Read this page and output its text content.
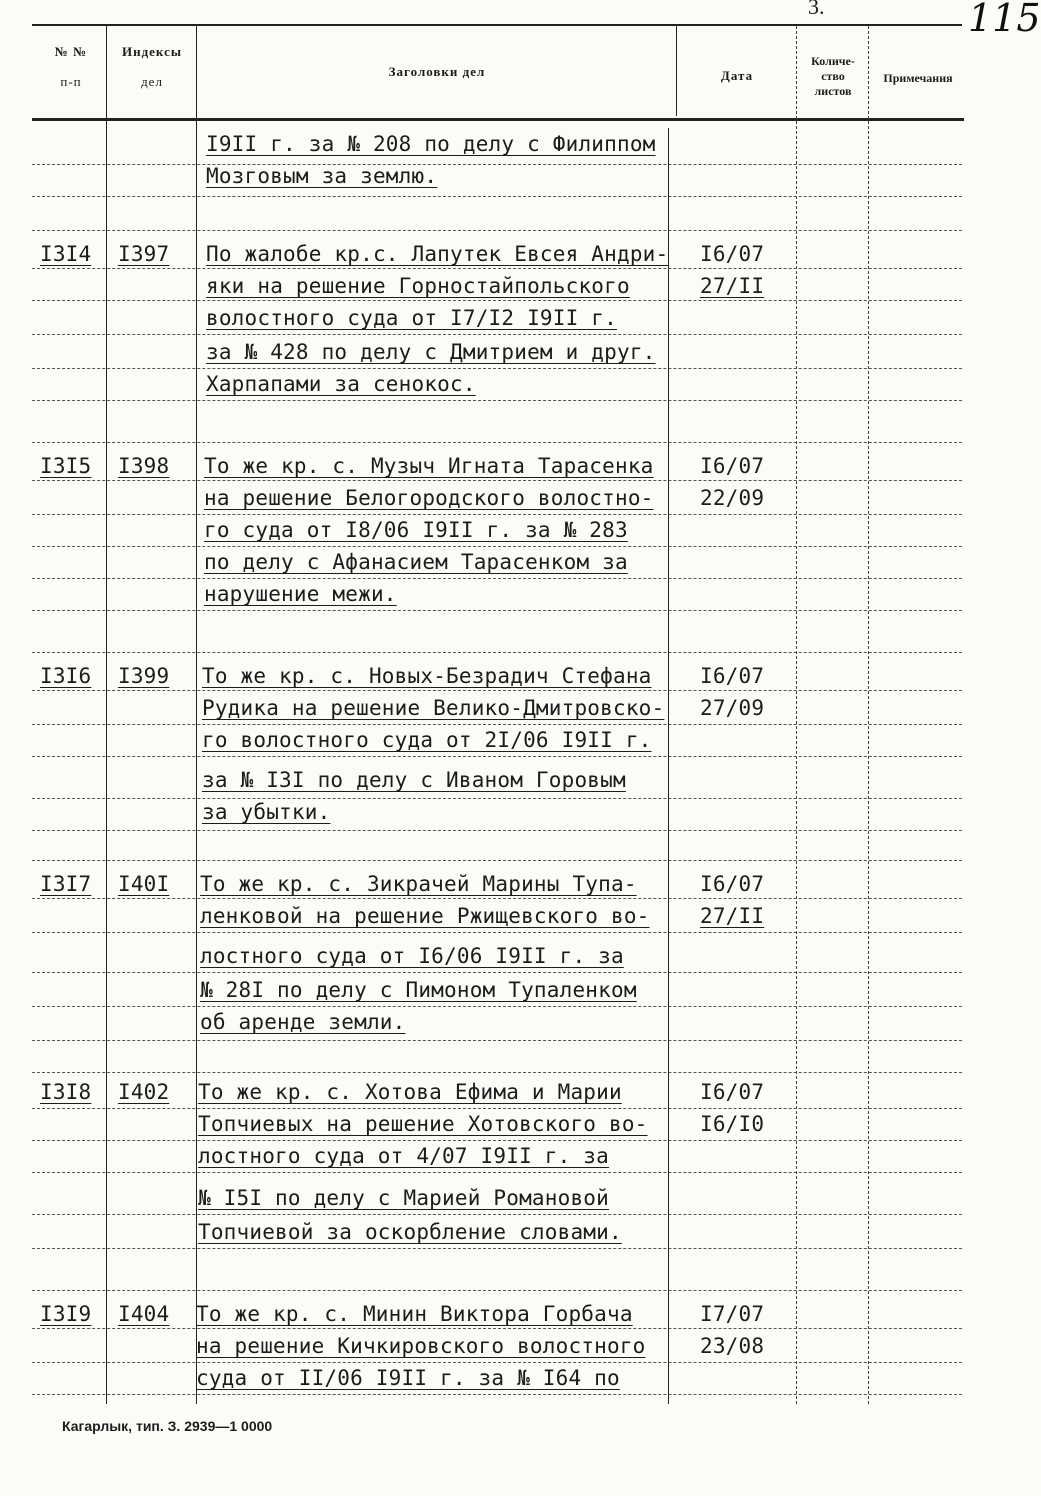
3.	115
№ №
п-п
Индексы
дел
Заголовки дел	Дата
Количе-
ство
листов
Примечания
I9II г. за № 208 по делу с Филиппом
Мозговым за землю.
I3I4 I397 По жалобе кр.с. Лапутек Евсея Андри-
яки на решение Горностайпольского
волостного суда от I7/I2 I9II г.
за № 428 по делу с Дмитрием и друг.
Харпапами за сенокос.
I6/07
27/II
I3I5 I398 То же кр. с. Музыч Игната Тарасенка
на решение Белогородского волостно-
го суда от I8/06 I9II г. за № 283
по делу с Афанасием Тарасенком за
нарушение межи.
I6/07
22/09
I3I6 I399 То же кр. с. Новых-Безрадич Стефана
Рудика на решение Велико-Дмитровско-
го волостного суда от 2I/06 I9II г.
за № I3I по делу с Иваном Горовым
за убытки.
I6/07
27/09
I3I7 I40I То же кр. с. Зикрачей Марины Тупа-
ленковой на решение Ржищевского во-
лостного суда от I6/06 I9II г. за
№ 28I по делу с Пимоном Тупаленком
об аренде земли.
I6/07
27/II
I3I8 I402 То же кр. с. Хотова Ефима и Марии
Топчиевых на решение Хотовского во-
лостного суда от 4/07 I9II г. за
№ I5I по делу с Марией Романовой
Топчиевой за оскорбление словами.
I6/07
I6/I0
I3I9 I404 То же кр. с. Минин Виктора Горбача
на решение Кичкировского волостного
суда от II/06 I9II г. за № I64 по
I7/07
23/08
Кагарлык, тип. З. 2939—1 0000
